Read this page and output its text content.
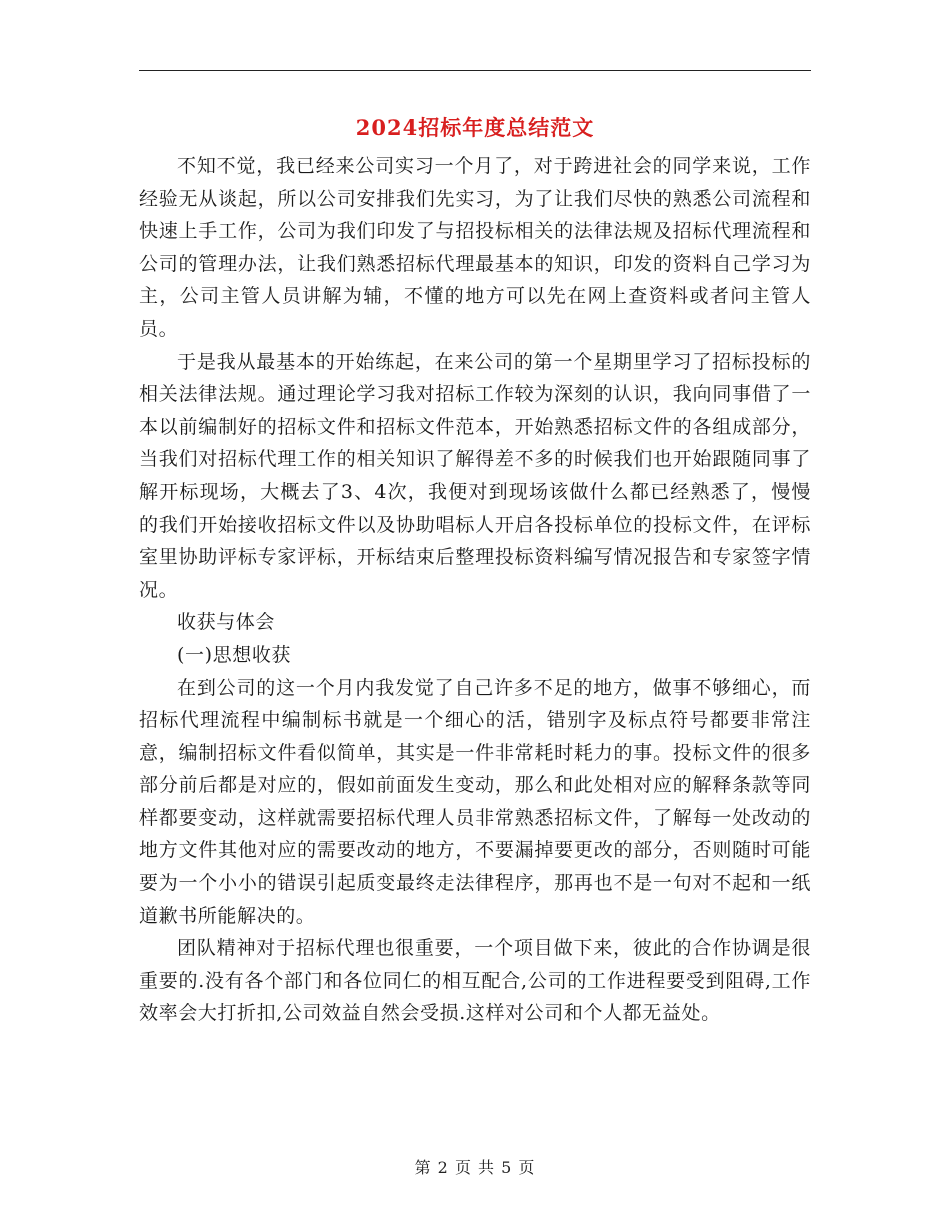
2024招标年度总结范文

不知不觉，我已经来公司实习一个月了，对于跨进社会的同学来说，工作经验无从谈起，所以公司安排我们先实习，为了让我们尽快的熟悉公司流程和快速上手工作，公司为我们印发了与招投标相关的法律法规及招标代理流程和公司的管理办法，让我们熟悉招标代理最基本的知识，印发的资料自己学习为主，公司主管人员讲解为辅，不懂的地方可以先在网上查资料或者问主管人员。

于是我从最基本的开始练起，在来公司的第一个星期里学习了招标投标的相关法律法规。通过理论学习我对招标工作较为深刻的认识，我向同事借了一本以前编制好的招标文件和招标文件范本，开始熟悉招标文件的各组成部分，当我们对招标代理工作的相关知识了解得差不多的时候我们也开始跟随同事了解开标现场，大概去了3、4次，我便对到现场该做什么都已经熟悉了，慢慢的我们开始接收招标文件以及协助唱标人开启各投标单位的投标文件，在评标室里协助评标专家评标，开标结束后整理投标资料编写情况报告和专家签字情况。

收获与体会

(一)思想收获

在到公司的这一个月内我发觉了自己许多不足的地方，做事不够细心，而招标代理流程中编制标书就是一个细心的活，错别字及标点符号都要非常注意，编制招标文件看似简单，其实是一件非常耗时耗力的事。投标文件的很多部分前后都是对应的，假如前面发生变动，那么和此处相对应的解释条款等同样都要变动，这样就需要招标代理人员非常熟悉招标文件，了解每一处改动的地方文件其他对应的需要改动的地方，不要漏掉要更改的部分，否则随时可能要为一个小小的错误引起质变最终走法律程序，那再也不是一句对不起和一纸道歉书所能解决的。

团队精神对于招标代理也很重要，一个项目做下来，彼此的合作协调是很重要的.没有各个部门和各位同仁的相互配合,公司的工作进程要受到阻碍,工作效率会大打折扣,公司效益自然会受损.这样对公司和个人都无益处。

第 2 页 共 5 页
